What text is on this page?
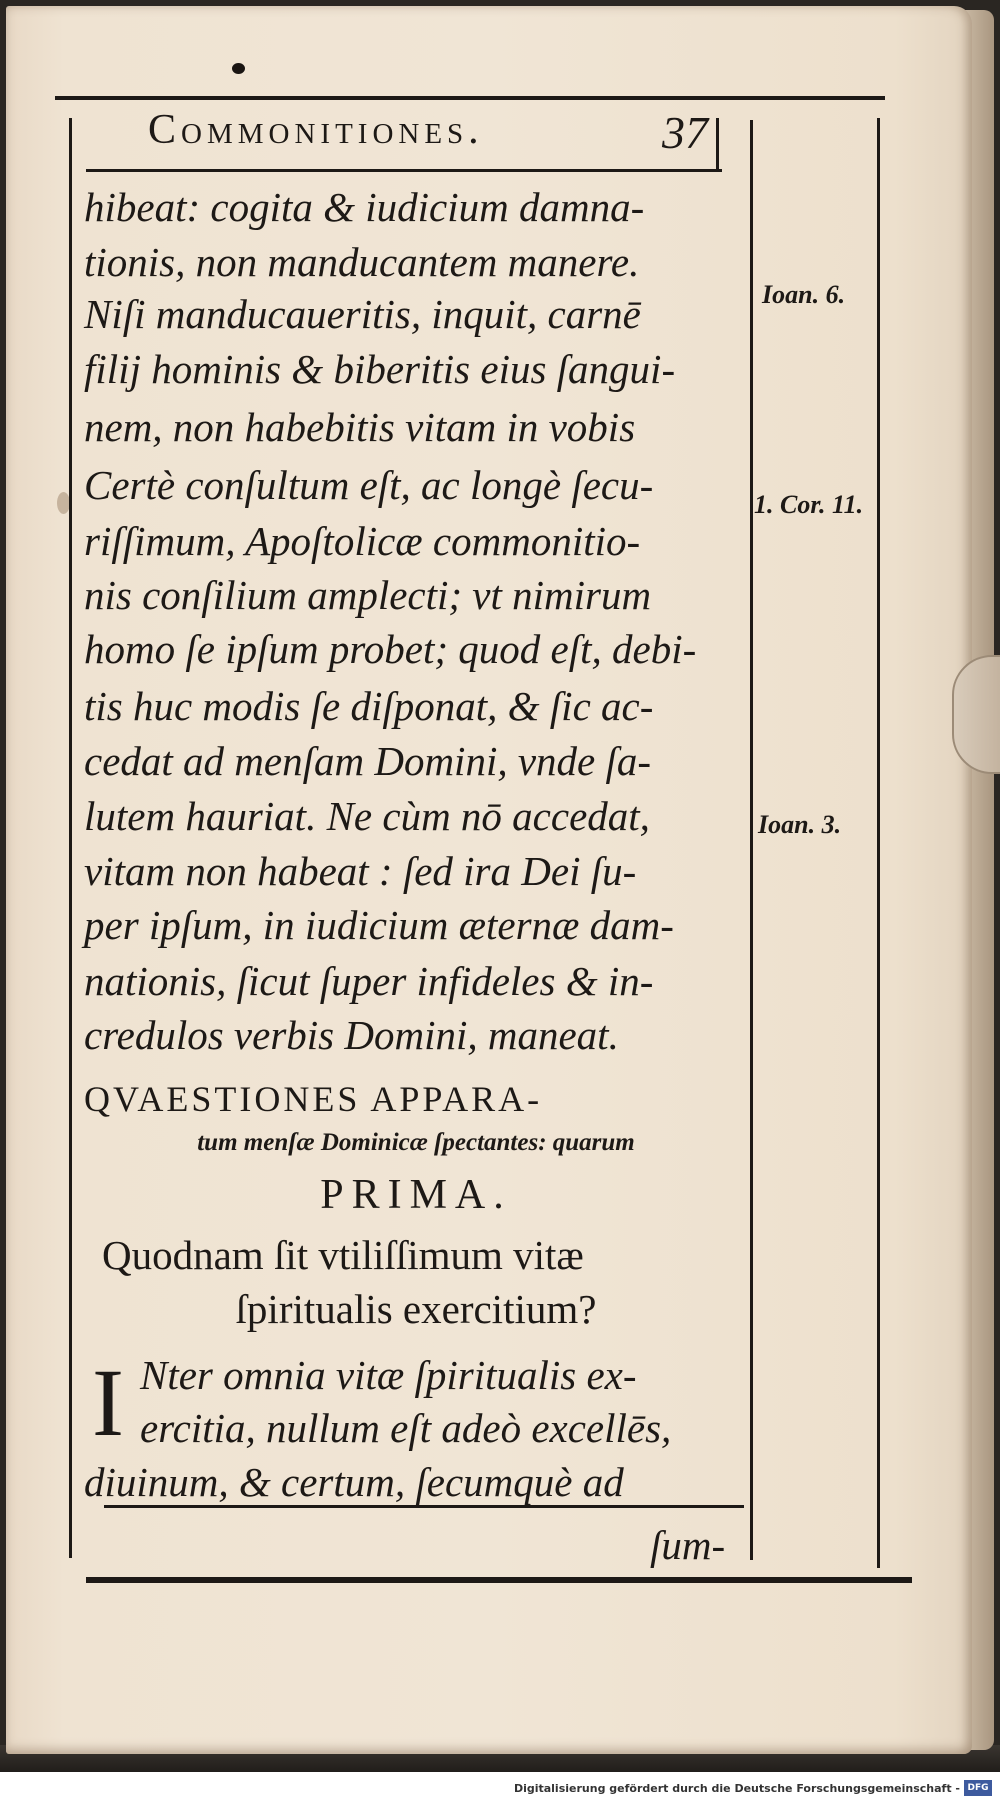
Commonitiones.	37
hibeat: cogita & iudicium damna-
tionis, non manducantem manere.
Niſi manducaueritis, inquit, carnē
filij hominis & biberitis eius ſangui-
nem, non habebitis vitam in vobis
Certè conſultum eſt, ac longè ſecu-
riſſimum, Apoſtolicæ commonitio-
nis conſilium amplecti; vt nimirum
homo ſe ipſum probet; quod eſt, debi-
tis huc modis ſe diſponat, & ſic ac-
cedat ad menſam Domini, vnde ſa-
lutem hauriat. Ne cùm nō accedat,
vitam non habeat : ſed ira Dei ſu-
per ipſum, in iudicium æternæ dam-
nationis, ſicut ſuper infideles & in-
credulos verbis Domini, maneat.
QVAESTIONES APPARA-
tum menſæ Dominicæ ſpectantes: quarum
PRIMA.
Quodnam ſit vtiliſſimum vitæ
ſpiritualis exercitium?
I Nter omnia vitæ ſpiritualis ex-
ercitia, nullum eſt adeò excellēs,
diuinum, & certum, ſecumquè ad
ſum-
Ioan. 6.
1. Cor. 11.
Ioan. 3.
Digitalisierung gefördert durch die Deutsche Forschungsgemeinschaft - DFG
